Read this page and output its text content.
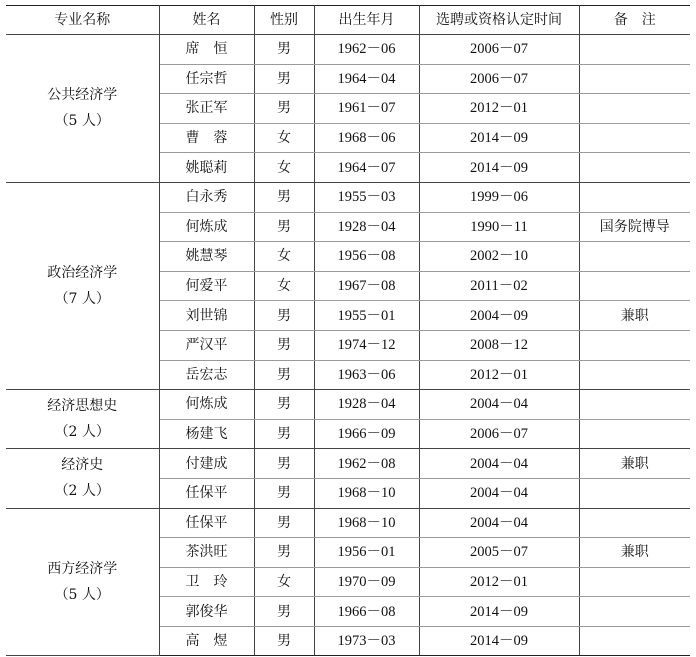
专业名称	姓名	性别	出生年月	选聘或资格认定时间	备　注

公共经济学
（5 人）	席　恒	男	1962－06	2006－07	
	任宗哲	男	1964－04	2006－07	
	张正军	男	1961－07	2012－01	
	曹　蓉	女	1968－06	2014－09	
	姚聪莉	女	1964－07	2014－09	

政治经济学
（7 人）	白永秀	男	1955－03	1999－06	
	何炼成	男	1928－04	1990－11	国务院博导
	姚慧琴	女	1956－08	2002－10	
	何爱平	女	1967－08	2011－02	
	刘世锦	男	1955－01	2004－09	兼职
	严汉平	男	1974－12	2008－12	
	岳宏志	男	1963－06	2012－01	

经济思想史
（2 人）	何炼成	男	1928－04	2004－04	
	杨建飞	男	1966－09	2006－07	

经济史
（2 人）	付建成	男	1962－08	2004－04	兼职
	任保平	男	1968－10	2004－04	

西方经济学
（5 人）	任保平	男	1968－10	2004－04	
	茶洪旺	男	1956－01	2005－07	兼职
	卫　玲	女	1970－09	2012－01	
	郭俊华	男	1966－08	2014－09	
	高　煜	男	1973－03	2014－09	
